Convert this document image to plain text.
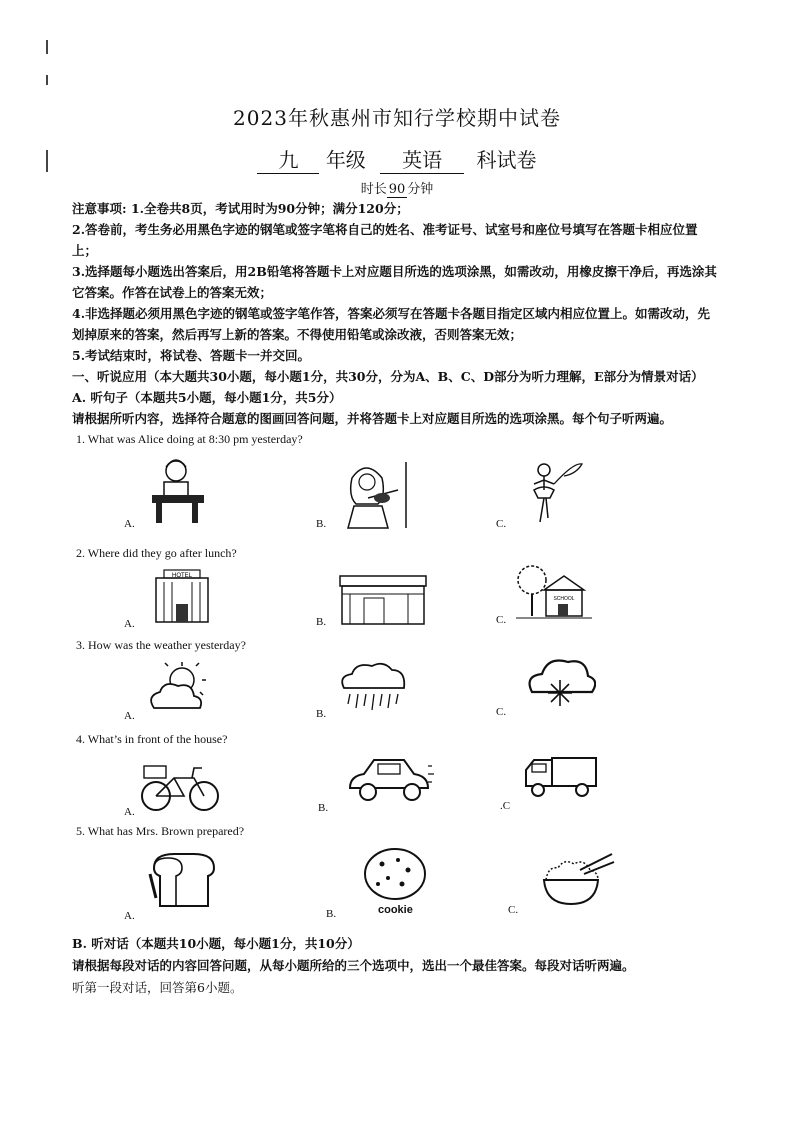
2023年秋惠州市知行学校期中试卷
九 年级 英语 科试卷
时长 90 分钟

注意事项: 1.全卷共8页，考试用时为90分钟；满分120分；

2.答卷前，考生务必用黑色字迹的钢笔或签字笔将自己的姓名、准考证号、试室号和座位号填写在答题卡相应位置上；

3.选择题每小题选出答案后，用2B铅笔将答题卡上对应题目所选的选项涂黑，如需改动，用橡皮擦干净后，再选涂其它答案。作答在试卷上的答案无效；

4.非选择题必须用黑色字迹的钢笔或签字笔作答，答案必须写在答题卡各题目指定区域内相应位置上。如需改动，先划掉原来的答案，然后再写上新的答案。不得使用铅笔或涂改液，否则答案无效；

5.考试结束时，将试卷、答题卡一并交回。

一、听说应用（本大题共30小题，每小题1分，共30分，分为A、B、C、D部分为听力理解，E部分为情景对话）

A. 听句子（本题共5小题，每小题1分，共5分）

请根据所听内容，选择符合题意的图画回答问题，并将答题卡上对应题目所选的选项涂黑。每个句子听两遍。

1. What was Alice doing at 8:30 pm yesterday?
A.	B.	C.
2. Where did they go after lunch?
HOTEL
A.	B.
SCHOOL
C.
3. How was the weather yesterday?
A.	B.	C.
4. What’s in front of the house?
A.	B.	.C
5. What has Mrs. Brown prepared?
A.	cookie
B.	C.
B. 听对话（本题共10小题，每小题1分，共10分）
请根据每段对话的内容回答问题，从每小题所给的三个选项中，选出一个最佳答案。每段对话听两遍。
听第一段对话，回答第6小题。
